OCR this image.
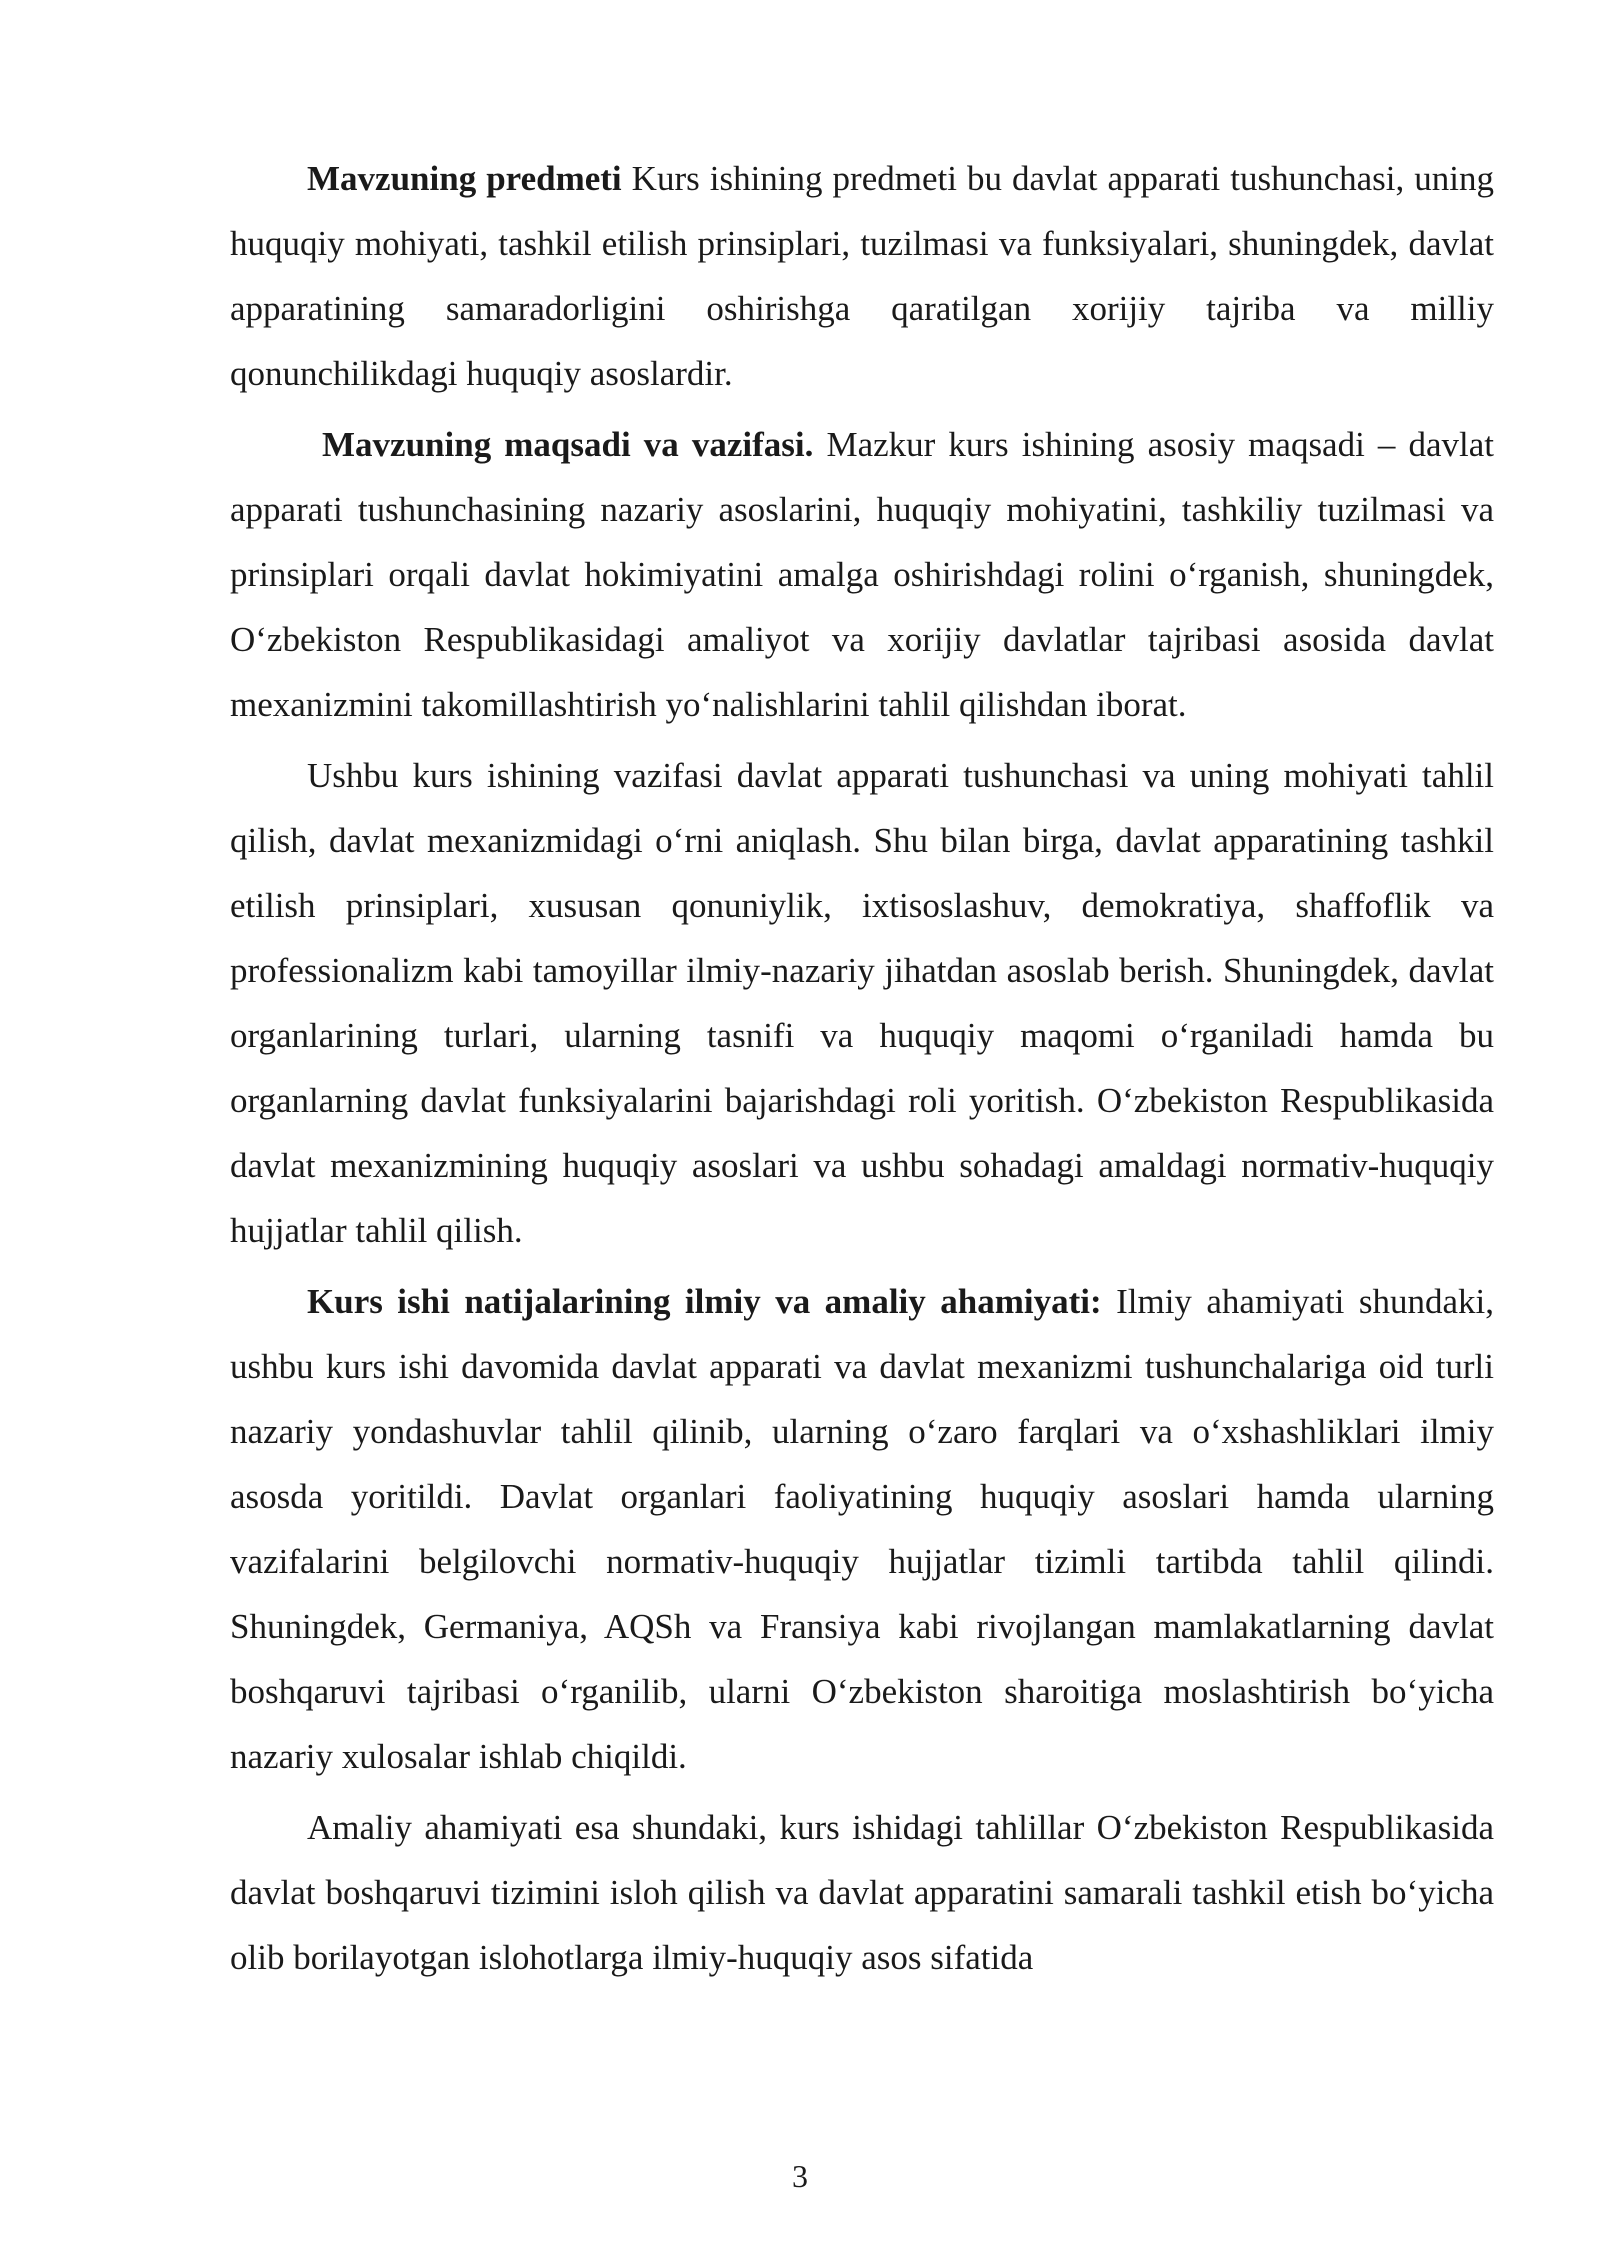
Mavzuning predmeti Kurs ishining predmeti bu davlat apparati tushunchasi, uning huquqiy mohiyati, tashkil etilish prinsiplari, tuzilmasi va funksiyalari, shuningdek, davlat apparatining samaradorligini oshirishga qaratilgan xorijiy tajriba va milliy qonunchilikdagi huquqiy asoslardir.

Mavzuning maqsadi va vazifasi. Mazkur kurs ishining asosiy maqsadi – davlat apparati tushunchasining nazariy asoslarini, huquqiy mohiyatini, tashkiliy tuzilmasi va prinsiplari orqali davlat hokimiyatini amalga oshirishdagi rolini oʻrganish, shuningdek, Oʻzbekiston Respublikasidagi amaliyot va xorijiy davlatlar tajribasi asosida davlat mexanizmini takomillashtirish yoʻnalishlarini tahlil qilishdan iborat.

Ushbu kurs ishining vazifasi davlat apparati tushunchasi va uning mohiyati tahlil qilish, davlat mexanizmidagi oʻrni aniqlash. Shu bilan birga, davlat apparatining tashkil etilish prinsiplari, xususan qonuniylik, ixtisoslashuv, demokratiya, shaffoflik va professionalizm kabi tamoyillar ilmiy-nazariy jihatdan asoslab berish. Shuningdek, davlat organlarining turlari, ularning tasnifi va huquqiy maqomi oʻrganiladi hamda bu organlarning davlat funksiyalarini bajarishdagi roli yoritish. Oʻzbekiston Respublikasida davlat mexanizmining huquqiy asoslari va ushbu sohadagi amaldagi normativ-huquqiy hujjatlar tahlil qilish.

Kurs ishi natijalarining ilmiy va amaliy ahamiyati: Ilmiy ahamiyati shundaki, ushbu kurs ishi davomida davlat apparati va davlat mexanizmi tushunchalariga oid turli nazariy yondashuvlar tahlil qilinib, ularning oʻzaro farqlari va oʻxshashliklari ilmiy asosda yoritildi. Davlat organlari faoliyatining huquqiy asoslari hamda ularning vazifalarini belgilovchi normativ-huquqiy hujjatlar tizimli tartibda tahlil qilindi. Shuningdek, Germaniya, AQSh va Fransiya kabi rivojlangan mamlakatlarning davlat boshqaruvi tajribasi oʻrganilib, ularni Oʻzbekiston sharoitiga moslashtirish boʻyicha nazariy xulosalar ishlab chiqildi.

Amaliy ahamiyati esa shundaki, kurs ishidagi tahlillar Oʻzbekiston Respublikasida davlat boshqaruvi tizimini isloh qilish va davlat apparatini samarali tashkil etish boʻyicha olib borilayotgan islohotlarga ilmiy-huquqiy asos sifatida

3
